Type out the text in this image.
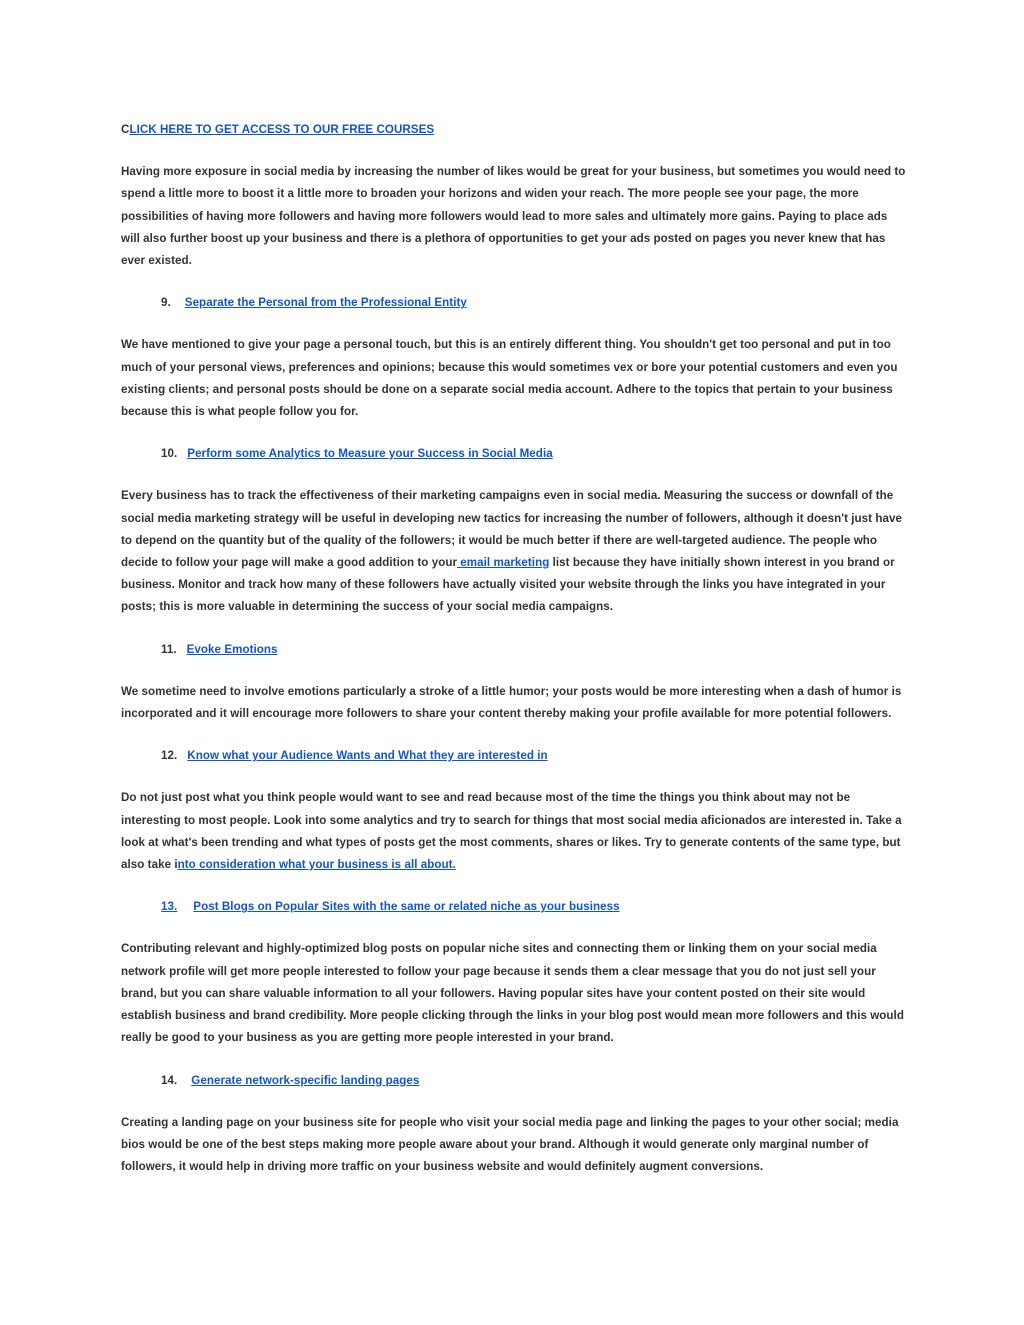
CLICK HERE TO GET ACCESS TO OUR FREE COURSES

Having more exposure in social media by increasing the number of likes would be great for your business, but sometimes you would need to spend a little more to boost it a little more to broaden your horizons and widen your reach. The more people see your page, the more possibilities of having more followers and having more followers would lead to more sales and ultimately more gains. Paying to place ads will also further boost up your business and there is a plethora of opportunities to get your ads posted on pages you never knew that has ever existed.

9. Separate the Personal from the Professional Entity

We have mentioned to give your page a personal touch, but this is an entirely different thing. You shouldn't get too personal and put in too much of your personal views, preferences and opinions; because this would sometimes vex or bore your potential customers and even you existing clients; and personal posts should be done on a separate social media account. Adhere to the topics that pertain to your business because this is what people follow you for.

10. Perform some Analytics to Measure your Success in Social Media

Every business has to track the effectiveness of their marketing campaigns even in social media. Measuring the success or downfall of the social media marketing strategy will be useful in developing new tactics for increasing the number of followers, although it doesn't just have to depend on the quantity but of the quality of the followers; it would be much better if there are well-targeted audience. The people who decide to follow your page will make a good addition to your email marketing list because they have initially shown interest in you brand or business. Monitor and track how many of these followers have actually visited your website through the links you have integrated in your posts; this is more valuable in determining the success of your social media campaigns.

11. Evoke Emotions

We sometime need to involve emotions particularly a stroke of a little humor; your posts would be more interesting when a dash of humor is incorporated and it will encourage more followers to share your content thereby making your profile available for more potential followers.

12. Know what your Audience Wants and What they are interested in

Do not just post what you think people would want to see and read because most of the time the things you think about may not be interesting to most people. Look into some analytics and try to search for things that most social media aficionados are interested in. Take a look at what's been trending and what types of posts get the most comments, shares or likes. Try to generate contents of the same type, but also take into consideration what your business is all about.

13. Post Blogs on Popular Sites with the same or related niche as your business

Contributing relevant and highly-optimized blog posts on popular niche sites and connecting them or linking them on your social media network profile will get more people interested to follow your page because it sends them a clear message that you do not just sell your brand, but you can share valuable information to all your followers. Having popular sites have your content posted on their site would establish business and brand credibility. More people clicking through the links in your blog post would mean more followers and this would really be good to your business as you are getting more people interested in your brand.

14. Generate network-specific landing pages

Creating a landing page on your business site for people who visit your social media page and linking the pages to your other social; media bios would be one of the best steps making more people aware about your brand. Although it would generate only marginal number of followers, it would help in driving more traffic on your business website and would definitely augment conversions.
